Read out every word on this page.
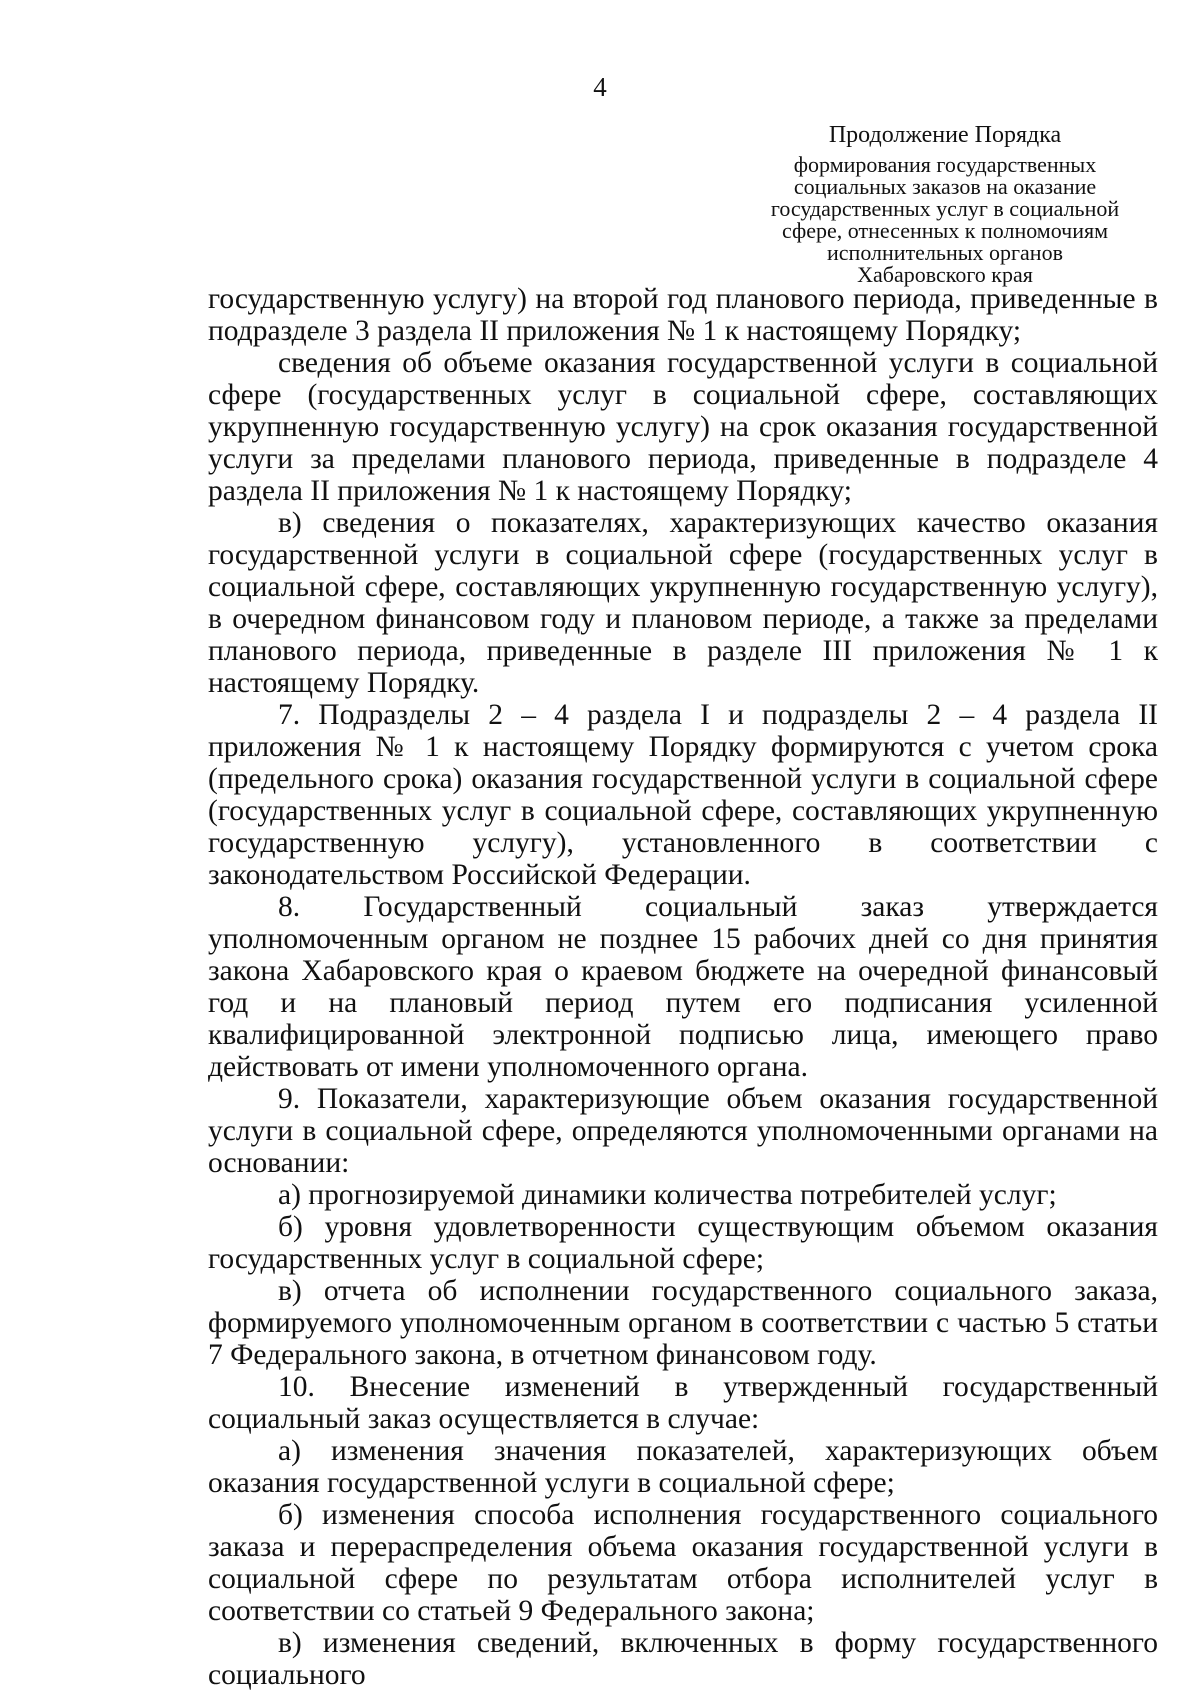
4
Продолжение Порядка
формирования государственных
социальных заказов на оказание
государственных услуг в социальной
сфере, отнесенных к полномочиям
исполнительных органов
Хабаровского края

государственную услугу) на второй год планового периода, приведенные в подразделе 3 раздела II приложения № 1 к настоящему Порядку;

сведения об объеме оказания государственной услуги в социальной сфере (государственных услуг в социальной сфере, составляющих укрупненную государственную услугу) на срок оказания государственной услуги за пределами планового периода, приведенные в подразделе 4 раздела II приложения № 1 к настоящему Порядку;

в) сведения о показателях, характеризующих качество оказания государственной услуги в социальной сфере (государственных услуг в социальной сфере, составляющих укрупненную государственную услугу), в очередном финансовом году и плановом периоде, а также за пределами планового периода, приведенные в разделе III приложения № 1 к настоящему Порядку.

7. Подразделы 2 – 4 раздела I и подразделы 2 – 4 раздела II приложения № 1 к настоящему Порядку формируются с учетом срока (предельного срока) оказания государственной услуги в социальной сфере (государственных услуг в социальной сфере, составляющих укрупненную государственную услугу), установленного в соответствии с законодательством Российской Федерации.

8. Государственный социальный заказ утверждается уполномоченным органом не позднее 15 рабочих дней со дня принятия закона Хабаровского края о краевом бюджете на очередной финансовый год и на плановый период путем его подписания усиленной квалифицированной электронной подписью лица, имеющего право действовать от имени уполномоченного органа.

9. Показатели, характеризующие объем оказания государственной услуги в социальной сфере, определяются уполномоченными органами на основании:

а) прогнозируемой динамики количества потребителей услуг;

б) уровня удовлетворенности существующим объемом оказания государственных услуг в социальной сфере;

в) отчета об исполнении государственного социального заказа, формируемого уполномоченным органом в соответствии с частью 5 статьи 7 Федерального закона, в отчетном финансовом году.

10. Внесение изменений в утвержденный государственный социальный заказ осуществляется в случае:

а) изменения значения показателей, характеризующих объем оказания государственной услуги в социальной сфере;

б) изменения способа исполнения государственного социального заказа и перераспределения объема оказания государственной услуги в социальной сфере по результатам отбора исполнителей услуг в соответствии со статьей 9 Федерального закона;

в) изменения сведений, включенных в форму государственного социального
